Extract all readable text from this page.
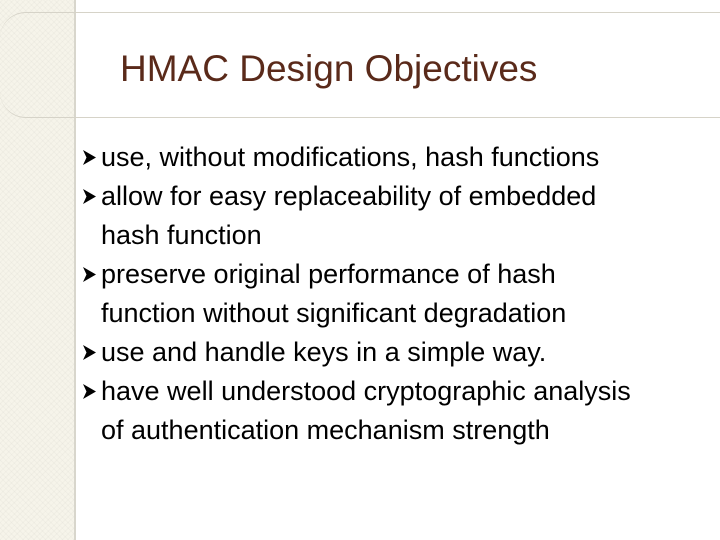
HMAC Design Objectives
use, without modifications, hash functions
allow for easy replaceability of embedded
hash function
preserve original performance of hash
function without significant degradation
use and handle keys in a simple way.
have well understood cryptographic analysis
of authentication mechanism strength
